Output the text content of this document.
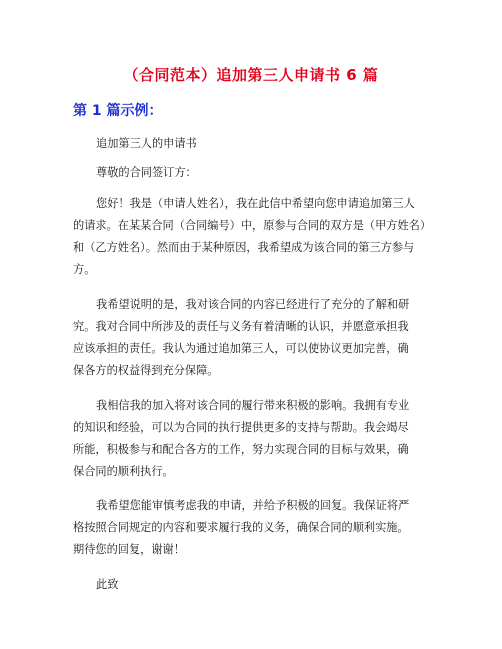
（合同范本）追加第三人申请书 6 篇
第 1 篇示例：
追加第三人的申请书
尊敬的合同签订方：
您好！我是（申请人姓名），我在此信中希望向您申请追加第三人
的请求。在某某合同（合同编号）中，原参与合同的双方是（甲方姓名）
和（乙方姓名）。然而由于某种原因，我希望成为该合同的第三方参与
方。
我希望说明的是，我对该合同的内容已经进行了充分的了解和研
究。我对合同中所涉及的责任与义务有着清晰的认识，并愿意承担我
应该承担的责任。我认为通过追加第三人，可以使协议更加完善，确
保各方的权益得到充分保障。
我相信我的加入将对该合同的履行带来积极的影响。我拥有专业
的知识和经验，可以为合同的执行提供更多的支持与帮助。我会竭尽
所能，积极参与和配合各方的工作，努力实现合同的目标与效果，确
保合同的顺利执行。
我希望您能审慎考虑我的申请，并给予积极的回复。我保证将严
格按照合同规定的内容和要求履行我的义务，确保合同的顺利实施。
期待您的回复，谢谢！
此致
